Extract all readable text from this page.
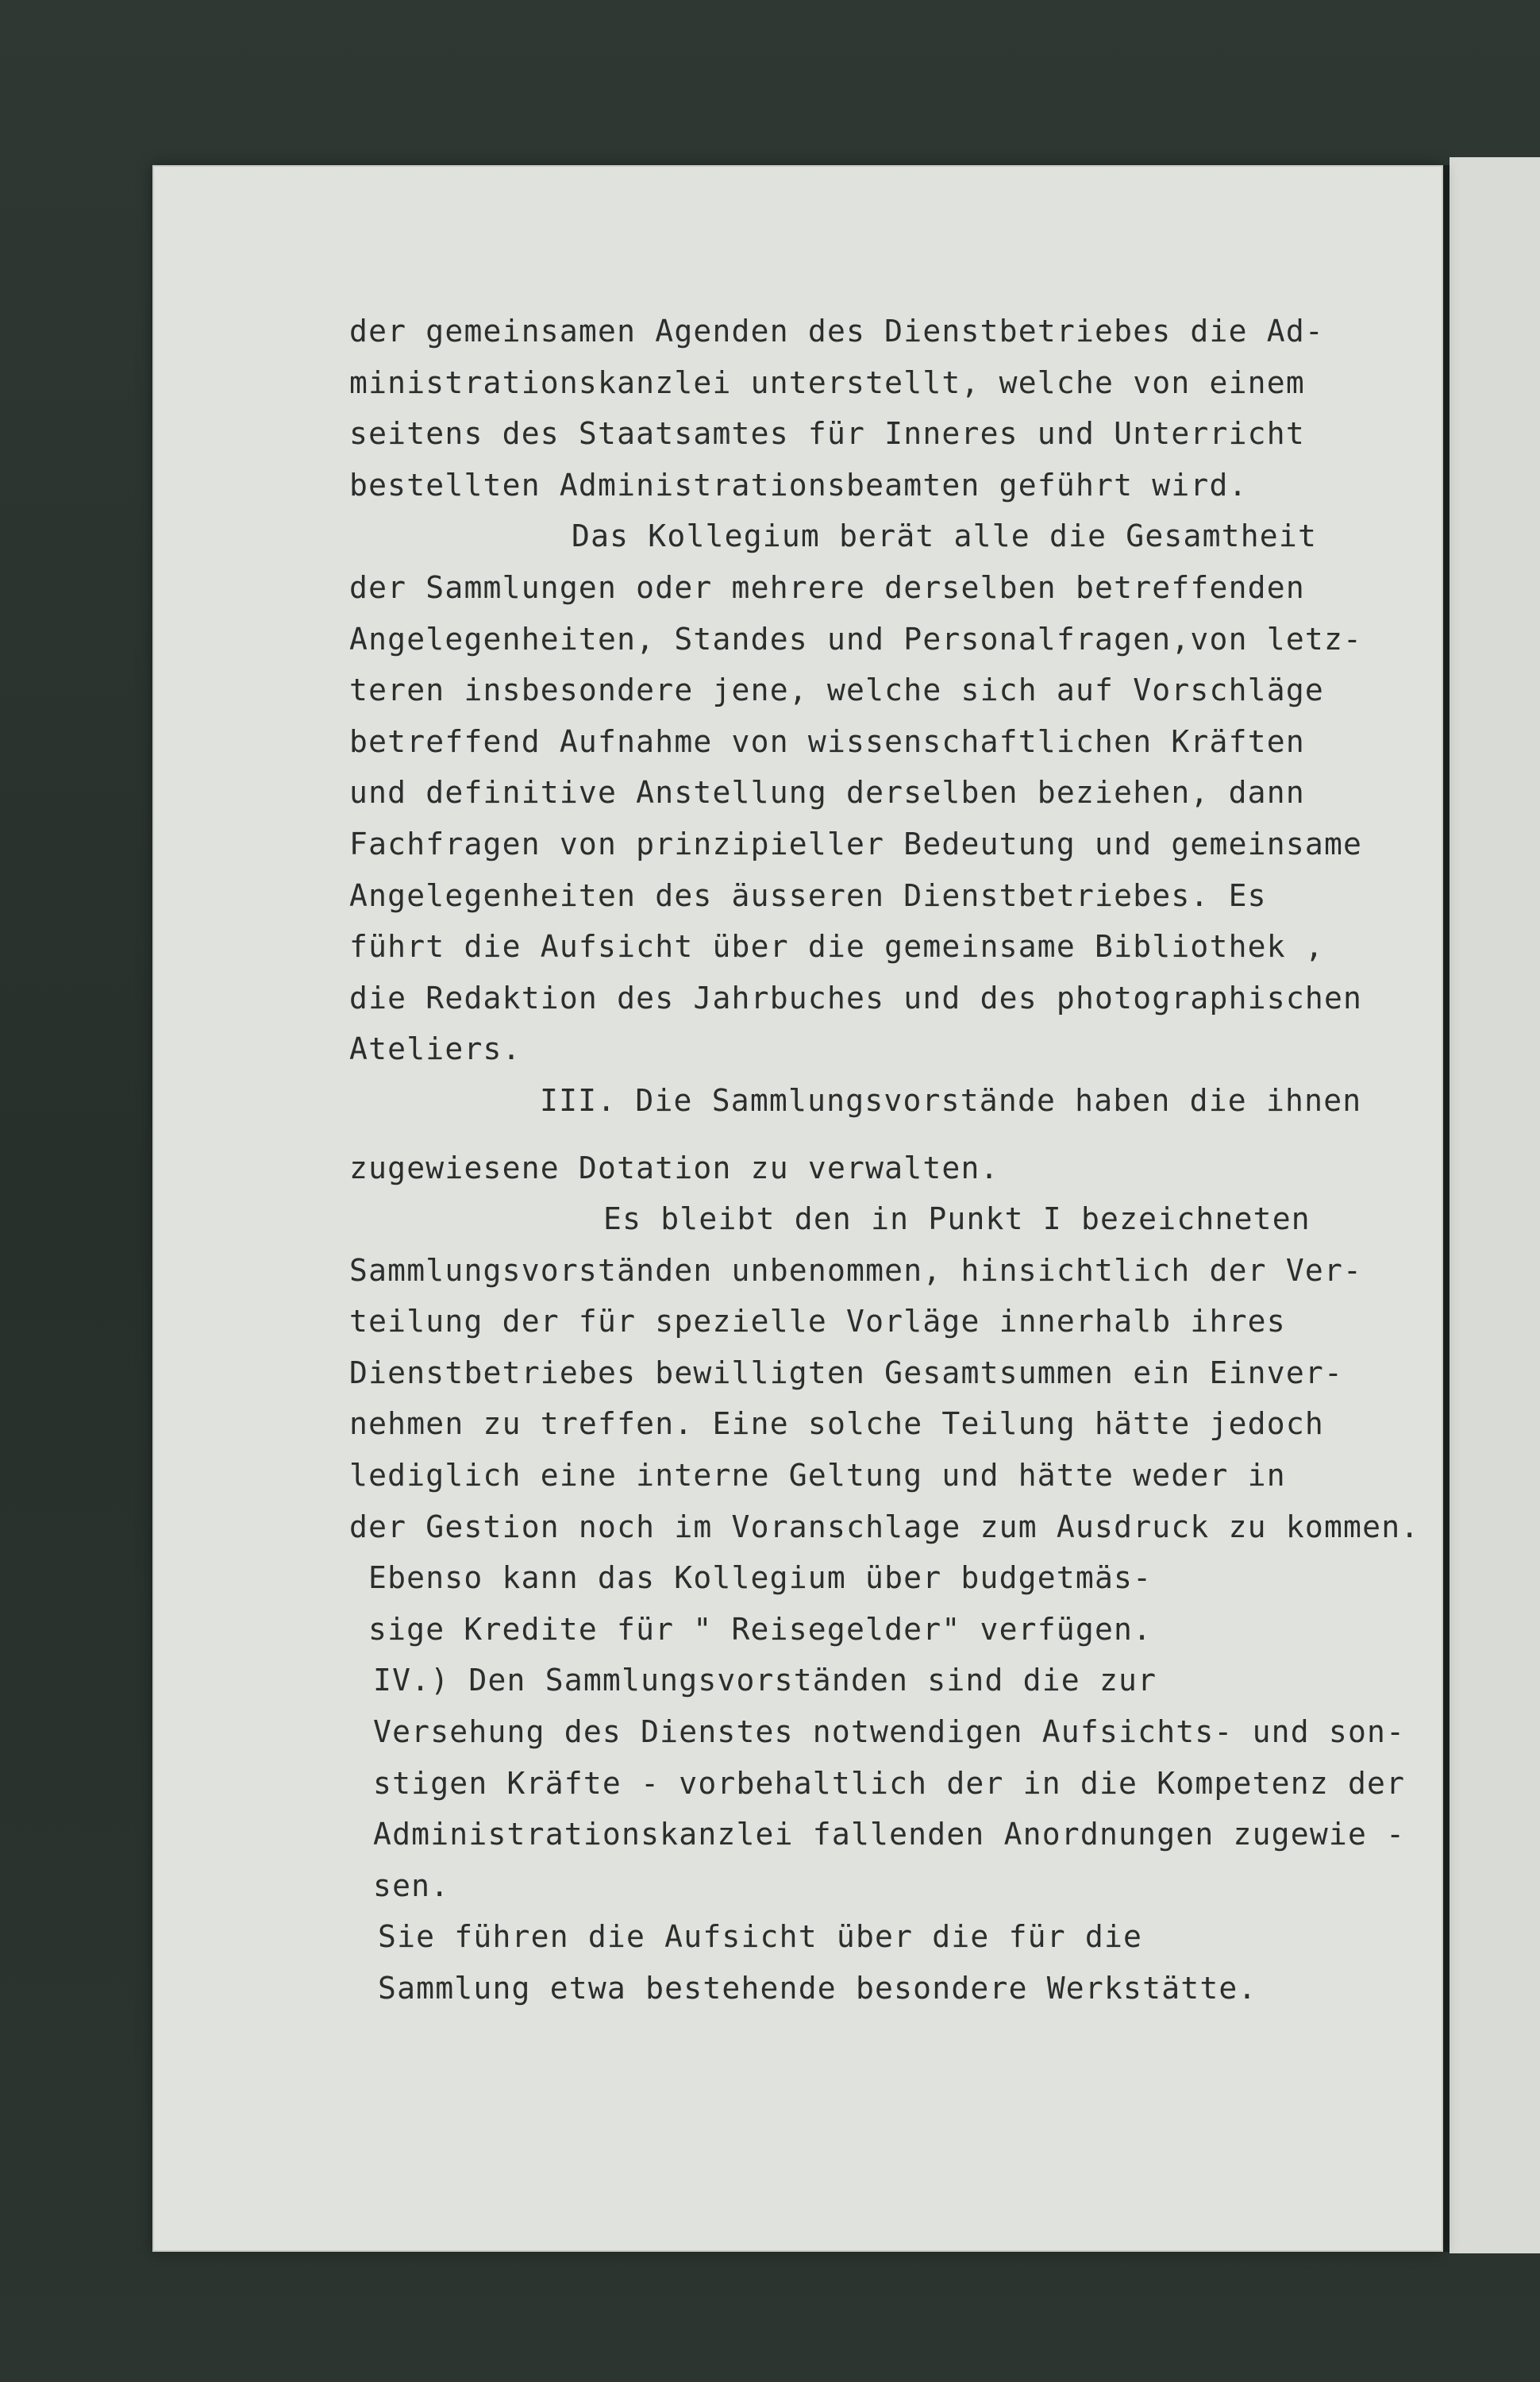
der gemeinsamen Agenden des Dienstbetriebes die Ad-
ministrationskanzlei unterstellt, welche von einem
seitens des Staatsamtes für Inneres und Unterricht
bestellten Administrationsbeamten geführt wird.
Das Kollegium berät alle die Gesamtheit
der Sammlungen oder mehrere derselben betreffenden
Angelegenheiten, Standes und Personalfragen,von letz-
teren insbesondere jene, welche sich auf Vorschläge
betreffend Aufnahme von wissenschaftlichen Kräften
und definitive Anstellung derselben beziehen, dann
Fachfragen von prinzipieller Bedeutung und gemeinsame
Angelegenheiten des äusseren Dienstbetriebes. Es
führt die Aufsicht über die gemeinsame Bibliothek ,
die Redaktion des Jahrbuches und des photographischen
Ateliers.
III. Die Sammlungsvorstände haben die ihnen
zugewiesene Dotation zu verwalten.
Es bleibt den in Punkt I bezeichneten
Sammlungsvorständen unbenommen, hinsichtlich der Ver-
teilung der für spezielle Vorläge innerhalb ihres
Dienstbetriebes bewilligten Gesamtsummen ein Einver-
nehmen zu treffen. Eine solche Teilung hätte jedoch
lediglich eine interne Geltung und hätte weder in
der Gestion noch im Voranschlage zum Ausdruck zu kommen.
Ebenso kann das Kollegium über budgetmäs-
sige Kredite für " Reisegelder" verfügen.
IV.) Den Sammlungsvorständen sind die zur
Versehung des Dienstes notwendigen Aufsichts- und son-
stigen Kräfte - vorbehaltlich der in die Kompetenz der
Administrationskanzlei fallenden Anordnungen zugewie -
sen.
Sie führen die Aufsicht über die für die
Sammlung etwa bestehende besondere Werkstätte.
